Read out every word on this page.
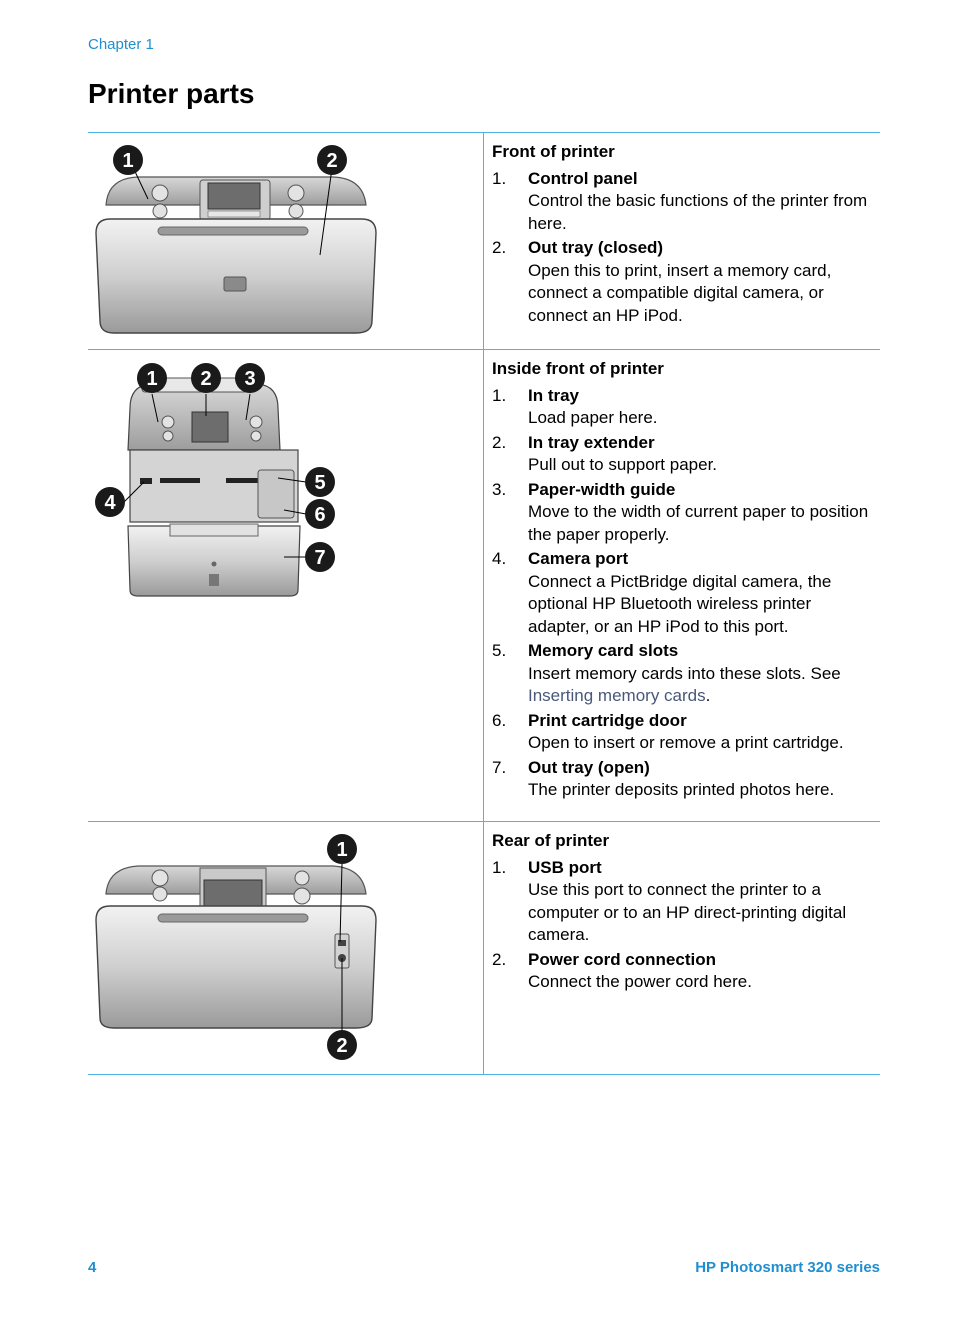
Chapter 1
Printer parts
1	2	Front of printer
1.	Control panel
Control the basic functions of the printer from here.
2.	Out tray (closed)
Open this to print, insert a memory card, connect a compatible digital camera, or connect an HP iPod.
1 2 3
4
5
6
7
Inside front of printer
1.	In tray
Load paper here.
2.	In tray extender
Pull out to support paper.
3.	Paper-width guide
Move to the width of current paper to position the paper properly.
4.	Camera port
Connect a PictBridge digital camera, the optional HP Bluetooth wireless printer adapter, or an HP iPod to this port.
5.	Memory card slots
Insert memory cards into these slots. See Inserting memory cards.
6.	Print cartridge door
Open to insert or remove a print cartridge.
7.	Out tray (open)
The printer deposits printed photos here.
1
2
Rear of printer
1.	USB port
Use this port to connect the printer to a computer or to an HP direct-printing digital camera.
2.	Power cord connection
Connect the power cord here.
4	HP Photosmart 320 series
